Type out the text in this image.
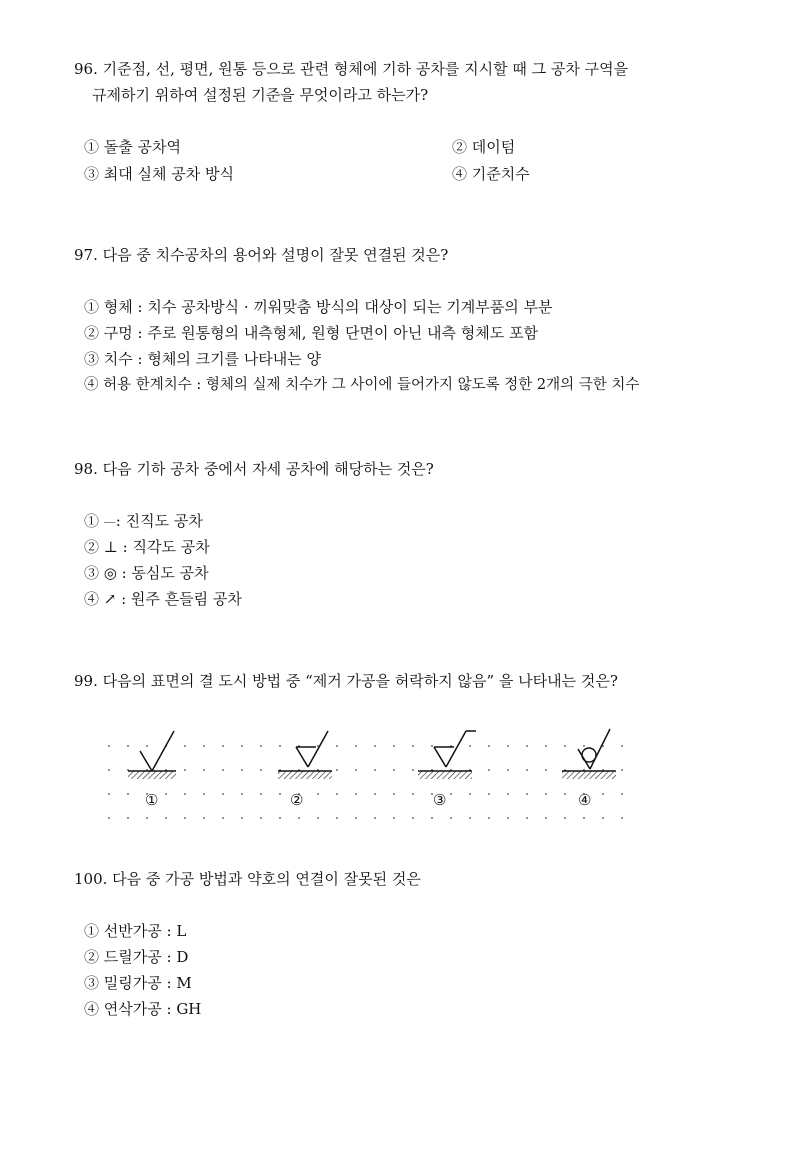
96. 기준점, 선, 평면, 원통 등으로 관련 형체에 기하 공차를 지시할 때 그 공차 구역을
규제하기 위하여 설정된 기준을 무엇이라고 하는가?

① 돌출 공차역	② 데이텀
③ 최대 실체 공차 방식	④ 기준치수

97. 다음 중 치수공차의 용어와 설명이 잘못 연결된 것은?

① 형체 : 치수 공차방식 · 끼워맞춤 방식의 대상이 되는 기계부품의 부분
② 구멍 : 주로 원통형의 내측형체, 원형 단면이 아닌 내측 형체도 포함
③ 치수 : 형체의 크기를 나타내는 양
④ 허용 한계치수 : 형체의 실제 치수가 그 사이에 들어가지 않도록 정한 2개의 극한 치수

98. 다음 기하 공차 중에서 자세 공차에 해당하는 것은?

① ⏤: 진직도 공차
② ⊥ : 직각도 공차
③ ◎ : 동심도 공차
④ ↗ : 원주 흔들림 공차

99. 다음의 표면의 결 도시 방법 중 “제거 가공을 허락하지 않음” 을 나타내는 것은?

①	②	③	④

100. 다음 중 가공 방법과 약호의 연결이 잘못된 것은

① 선반가공 : L
② 드릴가공 : D
③ 밀링가공 : M
④ 연삭가공 : GH
